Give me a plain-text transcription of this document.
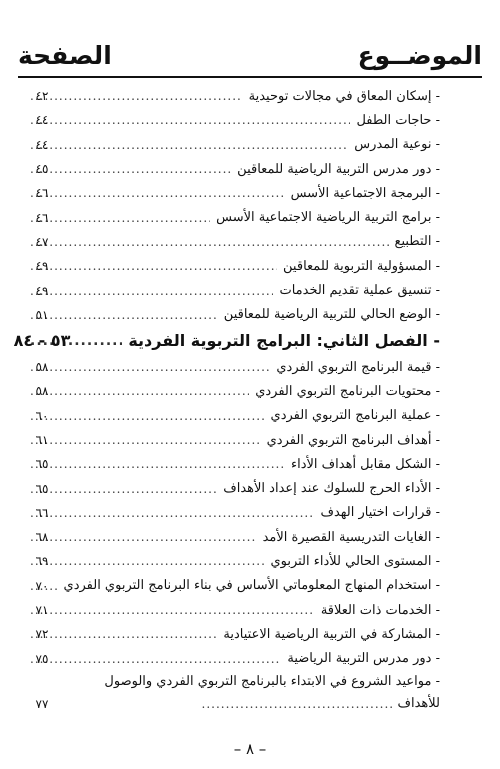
الموضــوع
الصفحة
- إسكان المعاق في مجالات توحيدية
.....
٤٢
- حاجات الطفل
.....
٤٤
- نوعية المدرس
.....
٤٤
- دور مدرس التربية الرياضية للمعاقين
.....
٤٥
- البرمجة الاجتماعية الأسس
.....
٤٦
- برامج التربية الرياضية الاجتماعية الأسس
.....
٤٦
- التطبيع
.....
٤٧
- المسؤولية التربوية للمعاقين
.....
٤٩
- تنسيق عملية تقديم الخدمات
.....
٤٩
- الوضع الحالي للتربية الرياضية للمعاقين
.....
٥١
- الفصل الثاني: البرامج التربوية الفردية
.....
٥٣ - ٨٤
- قيمة البرنامج التربوي الفردي
.....
٥٨
- محتويات البرنامج التربوي الفردي
.....
٥٨
- عملية البرنامج التربوي الفردي
.....
٦٠
- أهداف البرنامج التربوي الفردي
.....
٦١
- الشكل مقابل أهداف الأداء
.....
٦٥
- الأداء الحرج للسلوك عند إعداد الأهداف
.....
٦٥
- قرارات اختيار الهدف
.....
٦٦
- الغايات التدريسية القصيرة الأمد
.....
٦٨
- المستوى الحالي للأداء التربوي
.....
٦٩
- استخدام المنهاج المعلوماتي الأساس في بناء البرنامج التربوي الفردي
.....
٧٠
- الخدمات ذات العلاقة
.....
٧١
- المشاركة في التربية الرياضية الاعتيادية
.....
٧٢
- دور مدرس التربية الرياضية
.....
٧٥
- مواعيد الشروع في الابتداء بالبرنامج التربوي الفردي والوصول
للأهداف
.....
٧٧
– ٨ –
